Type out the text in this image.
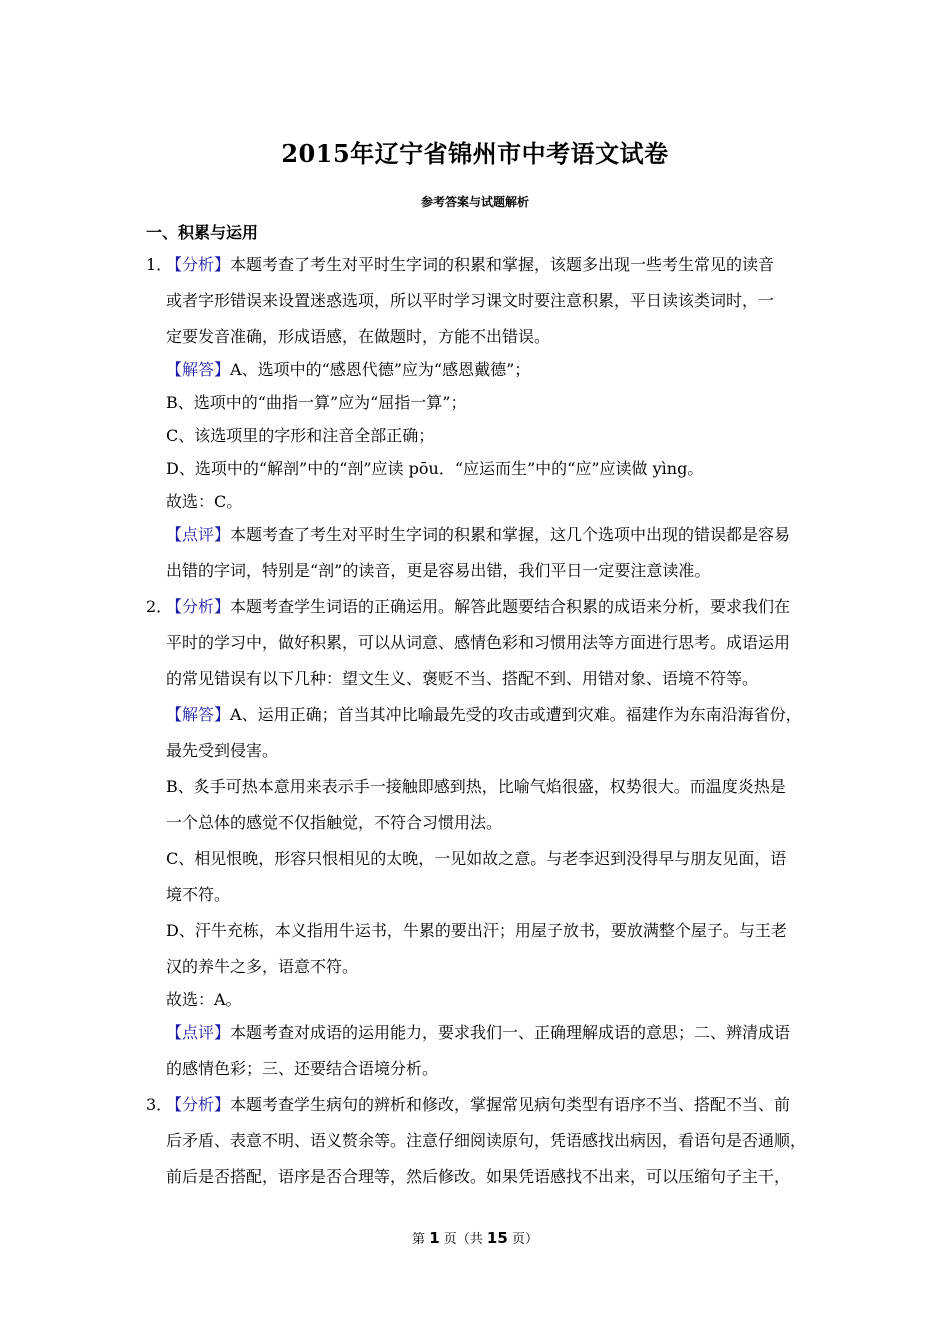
2015年辽宁省锦州市中考语文试卷
参考答案与试题解析
一、积累与运用
1．【分析】本题考查了考生对平时生字词的积累和掌握，该题多出现一些考生常见的读音
或者字形错误来设置迷惑选项，所以平时学习课文时要注意积累，平日读该类词时，一
定要发音准确，形成语感，在做题时，方能不出错误。
【解答】A、选项中的“感恩代德”应为“感恩戴德”；
B、选项中的“曲指一算”应为“屈指一算”；
C、该选项里的字形和注音全部正确；
D、选项中的“解剖”中的“剖”应读 pōu．“应运而生”中的“应”应读做 yìng。
故选：C。
【点评】本题考查了考生对平时生字词的积累和掌握，这几个选项中出现的错误都是容易
出错的字词，特别是“剖”的读音，更是容易出错，我们平日一定要注意读准。
2．【分析】本题考查学生词语的正确运用。解答此题要结合积累的成语来分析，要求我们在
平时的学习中，做好积累，可以从词意、感情色彩和习惯用法等方面进行思考。成语运用
的常见错误有以下几种：望文生义、褒贬不当、搭配不到、用错对象、语境不符等。
【解答】A、运用正确；首当其冲比喻最先受的攻击或遭到灾难。福建作为东南沿海省份，
最先受到侵害。
B、炙手可热本意用来表示手一接触即感到热，比喻气焰很盛，权势很大。而温度炎热是
一个总体的感觉不仅指触觉，不符合习惯用法。
C、相见恨晚，形容只恨相见的太晚，一见如故之意。与老李迟到没得早与朋友见面，语
境不符。
D、汗牛充栋，本义指用牛运书，牛累的要出汗；用屋子放书，要放满整个屋子。与王老
汉的养牛之多，语意不符。
故选：A。
【点评】本题考查对成语的运用能力，要求我们一、正确理解成语的意思；二、辨清成语
的感情色彩；三、还要结合语境分析。
3．【分析】本题考查学生病句的辨析和修改，掌握常见病句类型有语序不当、搭配不当、前
后矛盾、表意不明、语义赘余等。注意仔细阅读原句，凭语感找出病因，看语句是否通顺，
前后是否搭配，语序是否合理等，然后修改。如果凭语感找不出来，可以压缩句子主干，
第 1 页（共 15 页）
